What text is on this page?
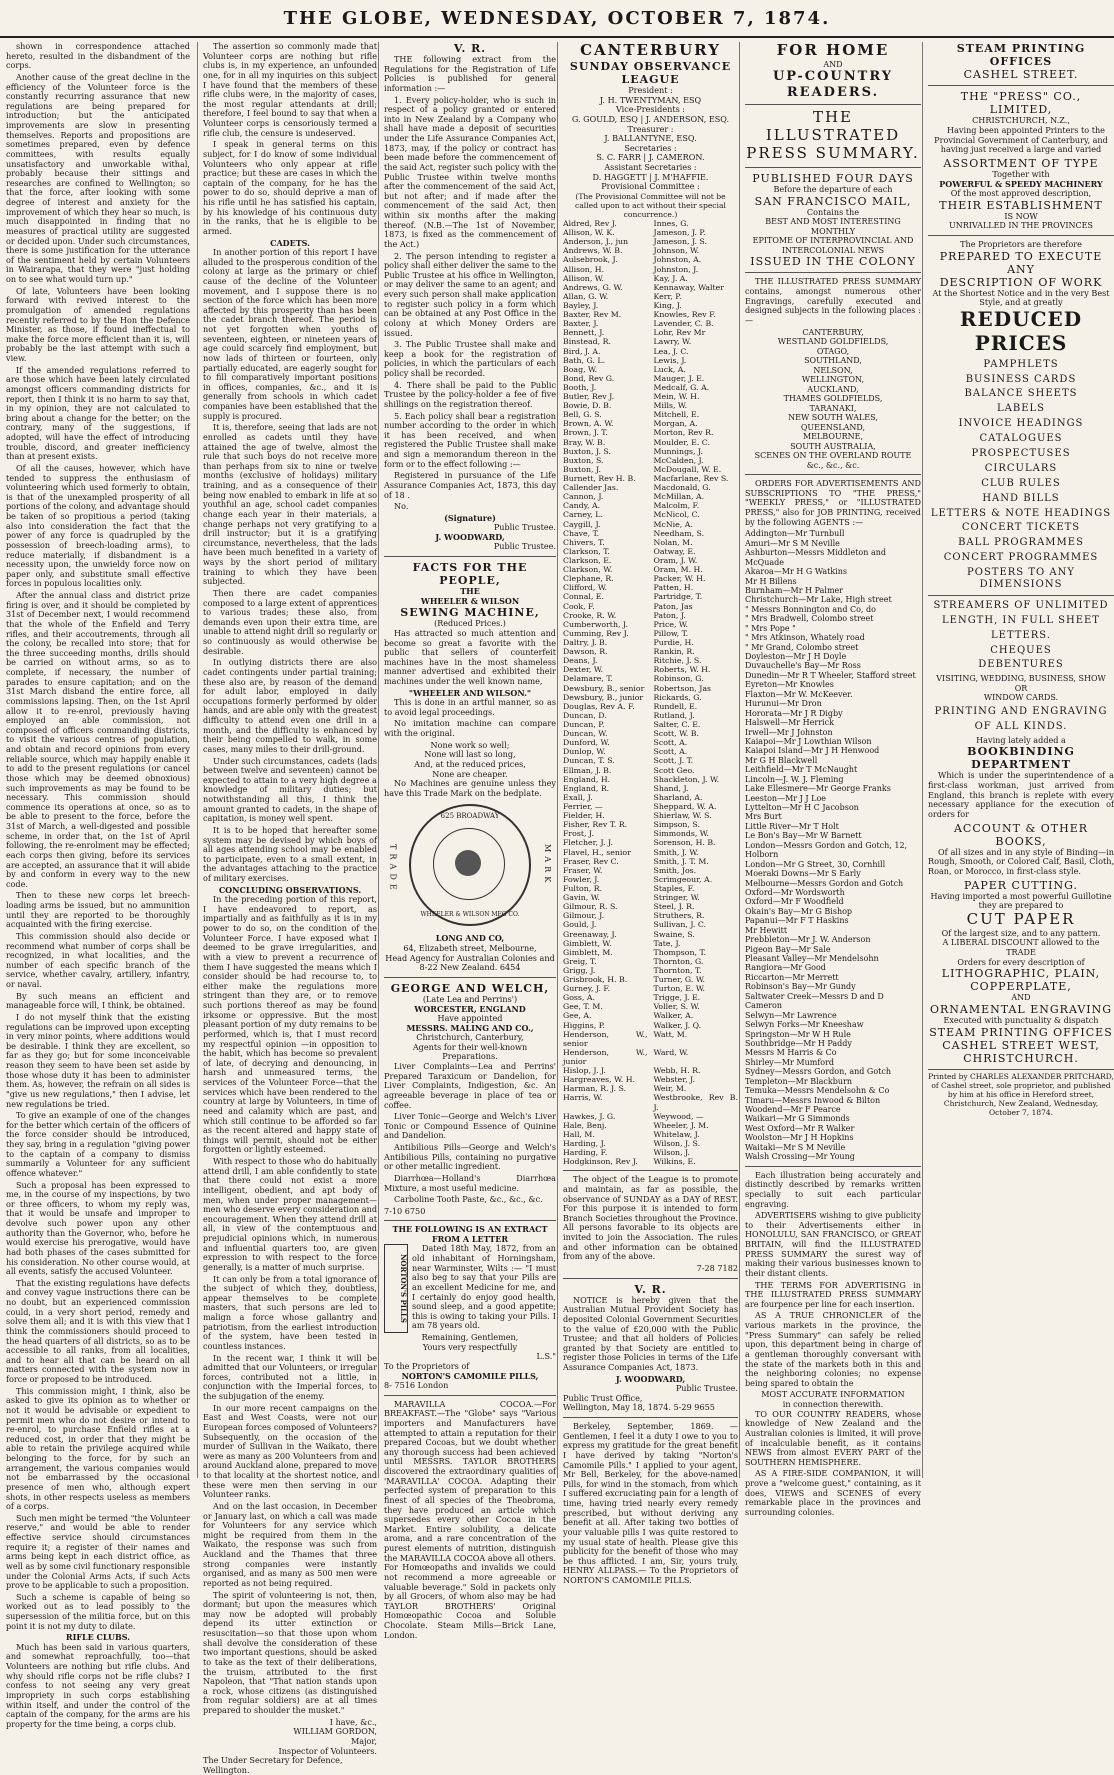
THE GLOBE, WEDNESDAY, OCTOBER 7, 1874.

shown in correspondence attached hereto, resulted in the disbandment of the corps.

Another cause of the great decline in the efficiency of the Volunteer force is the constantly recurring assurance that new regulations are being prepared for introduction; but the anticipated improvements are slow in presenting themselves. Reports and propositions are sometimes prepared, even by defence committees, with results equally unsatisfactory and unworkable withal, probably because their sittings and researches are confined to Wellington; so that the force, after looking with some degree of interest and anxiety for the improvement of which they hear so much, is much disappointed in finding that no measures of practical utility are suggested or decided upon. Under such circumstances, there is some justification for the utterance of the sentiment held by certain Volunteers in Wairarapa, that they were "just holding on to see what would turn up."

Of late, Volunteers have been looking forward with revived interest to the promulgation of amended regulations recently referred to by the Hon the Defence Minister, as those, if found ineffectual to make the force more efficient than it is, will probably be the last attempt with such a view.

If the amended regulations referred to are those which have been lately circulated amongst officers commanding districts for report, then I think it is no harm to say that, in my opinion, they are not calculated to bring about a change for the better; on the contrary, many of the suggestions, if adopted, will have the effect of introducing trouble, discord, and greater inefficiency than at present exists.

Of all the causes, however, which have tended to suppress the enthusiasm of volunteering which used formerly to obtain, is that of the unexampled prosperity of all portions of the colony, and advantage should be taken of so propitious a period (taking also into consideration the fact that the power of any force is quadrupled by the possession of breech-loading arms), to reduce materially, if disbandment is a necessity upon, the unwieldy force now on paper only, and substitute small effective forces in populous localities only.

After the annual class and district prize firing is over, and it should be completed by 31st of December next, I would recommend that the whole of the Enfield and Terry rifles, and their accoutrements, through all the colony, be recalled into store; that for the three succeeding months, drills should be carried on without arms, so as to complete, if necessary, the number of parades to ensure capitation; and on the 31st March disband the entire force, all commissions lapsing. Then, on the 1st April allow it to re-enrol, previously having employed an able commission, not composed of officers commanding districts, to visit the various centres of population, and obtain and record opinions from every reliable source, which may happily enable it to add to the present regulations (or cancel those which may be deemed obnoxious) such improvements as may be found to be necessary. This commission should commence its operations at once, so as to be able to present to the force, before the 31st of March, a well-digested and possible scheme, in order that, on the 1st of April following, the re-enrolment may be effected; each corps then giving, before its services are accepted, an assurance that it will abide by and conform in every way to the new code.

Then to these new corps let breech-loading arms be issued, but no ammunition until they are reported to be thoroughly acquainted with the firing exercise.

This commission should also decide or recommend what number of corps shall be recognized, in what localities, and the number of each specific branch of the service, whether cavalry, artillery, infantry, or naval.

By such means an efficient and manageable force will, I think, be obtained.

I do not myself think that the existing regulations can be improved upon excepting in very minor points, where additions would be desirable. I think they are excellent, so far as they go; but for some inconceivable reason they seem to have been set aside by those whose duty it has been to administer them. As, however, the refrain on all sides is "give us new regulations," then I advise, let new regulations be tried.

To give an example of one of the changes for the better which certain of the officers of the force consider should be introduced, they say, bring in a regulation "giving power to the captain of a company to dismiss summarily a Volunteer for any sufficient offence whatever."

Such a proposal has been expressed to me, in the course of my inspections, by two or three officers, to whom my reply was, that it would be unsafe and improper to devolve such power upon any other authority than the Governor, who, before he would exercise his prerogative, would have had both phases of the cases submitted for his consideration. No other course would, at all events, satisfy the accused Volunteer.

That the existing regulations have defects and convey vague instructions there can be no doubt, but an experienced commission could, in a very short period, remedy and solve them all; and it is with this view that I think the commissioners should proceed to the head quarters of all districts, so as to be accessible to all ranks, from all localities, and to hear all that can be heard on all matters connected with the system now in force or proposed to be introduced.

This commission might, I think, also be asked to give its opinion as to whether or not it would be advisable or expedient to permit men who do not desire or intend to re-enrol, to purchase Enfield rifles at a reduced cost, in order that they might be able to retain the privilege acquired while belonging to the force, for by such an arrangement, the various companies would not be embarrassed by the occasional presence of men who, although expert shots, in other respects useless as members of a corps.

Such men might be termed "the Volunteer reserve," and would be able to render effective service should circumstances require it; a register of their names and arms being kept in each district office, as well as by some civil functionary responsible under the Colonial Arms Acts, if such Acts prove to be applicable to such a proposition.

Such a scheme is capable of being so worked out as to lead possibly to the supersession of the militia force, but on this point it is not my duty to dilate.

RIFLE CLUBS.

Much has been said in various quarters, and somewhat reproachfully, too—that Volunteers are nothing but rifle clubs. And why should rifle corps not be rifle clubs? I confess to not seeing any very great impropriety in such corps establishing within itself, and under the control of the captain of the company, for the arms are his property for the time being, a corps club.

The assertion so commonly made that Volunteer corps are nothing but rifle clubs is, in my experience, an unfounded one, for in all my inquiries on this subject I have found that the members of these rifle clubs were, in the majority of cases, the most regular attendants at drill; therefore, I feel bound to say that when a Volunteer corps is censoriously termed a rifle club, the censure is undeserved.

I speak in general terms on this subject, for I do know of some individual Volunteers who only appear at rifle practice; but these are cases in which the captain of the company, for he has the power to do so, should deprive a man of his rifle until he has satisfied his captain, by his knowledge of his continuous duty in the ranks, that he is eligible to be armed.

CADETS.

In another portion of this report I have alluded to the prosperous condition of the colony at large as the primary or chief cause of the decline of the Volunteer movement, and I suppose there is no section of the force which has been more affected by this prosperity than has been the cadet branch thereof. The period is not yet forgotten when youths of seventeen, eighteen, or nineteen years of age could scarcely find employment, but now lads of thirteen or fourteen, only partially educated, are eagerly sought for to fill comparatively important positions in offices, companies, &c., and it is generally from schools in which cadet companies have been established that the supply is procured.

It is, therefore, seeing that lads are not enrolled as cadets until they have attained the age of twelve, almost the rule that such boys do not receive more than perhaps from six to nine or twelve months (exclusive of holidays) military training, and as a consequence of their being now enabled to embark in life at so youthful an age, school cadet companies change each year in their materials, a change perhaps not very gratifying to a drill instructor; but it is a gratifying circumstance, nevertheless, that the lads have been much benefited in a variety of ways by the short period of military training to which they have been subjected.

Then there are cadet companies composed to a large extent of apprentices to various trades; these also, from demands even upon their extra time, are unable to attend night drill so regularly or so continuously as would otherwise be desirable.

In outlying districts there are also cadet contingents under partial training; these also are, by reason of the demand for adult labor, employed in daily occupations formerly performed by older hands, and are able only with the greatest difficulty to attend even one drill in a month, and the difficulty is enhanced by their being compelled to walk, in some cases, many miles to their drill-ground.

Under such circumstances, cadets (lads between twelve and seventeen) cannot be expected to attain to a very high degree a knowledge of military duties; but notwithstanding all this, I think the amount granted to cadets, in the shape of capitation, is money well spent.

It is to be hoped that hereafter some system may be devised by which boys of all ages attending school may be enabled to participate, even to a small extent, in the advantages attaching to the practice of military exercises.

CONCLUDING OBSERVATIONS.

In the preceding portion of this report, I have endeavored to report, as impartially and as faithfully as it is in my power to do so, on the condition of the Volunteer Force. I have exposed what I deemed to be grave irregularities, and with a view to prevent a recurrence of them I have suggested the means which I consider should be had recourse to, to either make the regulations more stringent than they are, or to remove such portions thereof as may be found irksome or oppressive. But the most pleasant portion of my duty remains to be performed, which is, that I must record my respectful opinion —in opposition to the habit, which has become so prevalent of late, of decrying and denouncing, in harsh and unmeasured terms, the services of the Volunteer Force—that the services which have been rendered to the country at large by Volunteers, in time of need and calamity which are past, and which still continue to be afforded so far as the recent altered and happy state of things will permit, should not be either forgotten or lightly esteemed.

With respect to those who do habitually attend drill, I am able confidently to state that there could not exist a more intelligent, obedient, and apt body of men, when under proper management—men who deserve every consideration and encouragement. When they attend drill at all, in view of the contemptuous and prejudicial opinions which, in numerous and influential quarters too, are given expression to with respect to the force generally, is a matter of much surprise.

It can only be from a total ignorance of the subject of which they, doubtless, appear themselves to be complete masters, that such persons are led to malign a force whose gallantry and patriotism, from the earliest introduction of the system, have been tested in countless instances.

In the recent war, I think it will be admitted that our Volunteers, or irregular forces, contributed not a little, in conjunction with the Imperial forces, to the subjugation of the enemy.

In our more recent campaigns on the East and West Coasts, were not our European forces composed of Volunteers? Subsequently, on the occasion of the murder of Sullivan in the Waikato, there were as many as 200 Volunteers from and around Auckland alone, prepared to move to that locality at the shortest notice, and these were men then serving in our Volunteer ranks.

And on the last occasion, in December or January last, on which a call was made for Volunteers for any service which might be required from them in the Waikato, the response was such from Auckland and the Thames that three strong companies were instantly organised, and as many as 500 men were reported as not being required.

The spirit of volunteering is not, then, dormant; but upon the measures which may now be adopted will probably depend its utter extinction or resuscitation—so that those upon whom shall devolve the consideration of these two important questions, should be asked to take as the text of their deliberations, the truism, attributed to the first Napoleon, that "That nation stands upon a rock, whose citizens (as distinguished from regular soldiers) are at all times prepared to shoulder the musket."

I have, &c.,
WILLIAM GORDON,
Major,
Inspector of Volunteers.
The Under Secretary for Defence,
Wellington.
V. R.

THE following extract from the Regulations for the Registration of Life Policies is published for general information :—

1. Every policy-holder, who is such in respect of a policy granted or entered into in New Zealand by a Company who shall have made a deposit of securities under the Life Assurance Companies Act, 1873, may, if the policy or contract has been made before the commencement of the said Act, register such policy with the Public Trustee within twelve months after the commencement of the said Act, but not after; and if made after the commencement of the said Act, then within six months after the making thereof. (N.B.—The 1st of November, 1873, is fixed as the commencement of the Act.)

2. The person intending to register a policy shall either deliver the same to the Public Trustee at his office in Wellington, or may deliver the same to an agent; and every such person shall make application to register such policy in a form which can be obtained at any Post Office in the colony at which Money Orders are issued.

3. The Public Trustee shall make and keep a book for the registration of policies, in which the particulars of each policy shall be recorded.

4. There shall be paid to the Public Trustee by the policy-holder a fee of five shillings on the registration thereof.

5. Each policy shall bear a registration number according to the order in which it has been received, and when registered the Public Trustee shall make and sign a memorandum thereon in the form or to the effect following :—

Registered in pursuance of the Life Assurance Companies Act, 1873, this day of 18 .

No.

(Signature)
Public Trustee.
J. WOODWARD,
Public Trustee.
FACTS FOR THE PEOPLE,
THE
WHEELER & WILSON
SEWING MACHINE,
(Reduced Prices.)

Has attracted so much attention and become so great a favorite with the public that sellers of counterfeit machines have in the most shameless manner advertised and exhibited their machines under the well known name,

"WHEELER AND WILSON."

This is done in an artful manner, so as to avoid legal proceedings.

No imitation machine can compare with the original.

None work so well;
None will last so long,
And, at the reduced prices,
None are cheaper.

No Machines are genuine unless they have this Trade Mark on the bedplate.

TRADE	MARK
625 BROADWAY
WHEELER & WILSON MFG CO.
LONG AND CO,
64, Elizabeth street, Melbourne,
Head Agency for Australian Colonies and
8-22 New Zealand. 6454
GEORGE AND WELCH,
(Late Lea and Perrins')
WORCESTER, ENGLAND
Have appointed
MESSRS. MALING AND CO.,
Christchurch, Canterbury,
Agents for their well-known Preparations.

Liver Complaints—Lea and Perrins' Prepared Taraxicum or Dandelion, for Liver Complaints, Indigestion, &c. An agreeable beverage in place of tea or coffee.

Liver Tonic—George and Welch's Liver Tonic or Compound Essence of Quinine and Dandelion.

Antibilious Pills—George and Welch's Antibilious Pills, containing no purgative or other metallic ingredient.

Diarrhœa—Holland's Diarrhœa Mixture, a most useful medicine.

Carboline Tooth Paste, &c., &c., &c.

7-10 6750
THE FOLLOWING IS AN EXTRACT FROM A LETTER
NORTON'S PILLS

Dated 18th May, 1872, from an old inhabitant of Horningsham, near Warminster, Wilts :— "I must also beg to say that your Pills are an excellent Medicine for me, and I certainly do enjoy good health, sound sleep, and a good appetite; this is owing to taking your Pills. I am 78 years old.

Remaining, Gentlemen,
Yours very respectfully
L.S."
To the Proprietors of
NORTON'S CAMOMILE PILLS,
8- 7516 London

MARAVILLA COCOA.—For BREAKFAST.—The "Globe" says "Various importers and Manufacturers have attempted to attain a reputation for their prepared Cocoas, but we doubt whether any thorough success had been achieved until MESSRS. TAYLOR BROTHERS discovered the extraordinary qualities of 'MARAVILLA' COCOA. Adapting their perfected system of preparation to this finest of all species of the Theobroma, they have produced an article which supersedes every other Cocoa in the Market. Entire solubility, a delicate aroma, and a rare concentration of the purest elements of nutrition, distinguish the MARAVILLA COCOA above all others. For Homœopaths and invalids we could not recommend a more agreeable or valuable beverage." Sold in packets only by all Grocers, of whom also may be had TAYLOR BROTHERS' Original Homœopathic Cocoa and Soluble Chocolate. Steam Mills—Brick Lane, London.

CANTERBURY
SUNDAY OBSERVANCE LEAGUE
President :
J. H. TWENTYMAN, ESQ
Vice-Presidents :
G. GOULD, ESQ | J. ANDERSON, ESQ.
Treasurer :
J. BALLANTYNE, ESQ.
Secretaries :
S. C. FARR | J. CAMERON.
Assistant Secretaries :
D. HAGGETT | J. M'HAFFIE.
Provisional Committee :
(The Provisional Committee will not be called upon to act without their special concurrence.)
Aldred, Rev J.	Innes, G.
Allison, W. K.	Jameson, J. P.
Anderson, J., jun	Jameson, J. S.
Andrews, W. B.	Johnson, W.
Aulsebrook, J.	Johnston, A.
Allison, H.	Johnston, J.
Allison, W.	Kay, J. A.
Andrews, G. W.	Kennaway, Walter
Allan, G. W.	Kerr, P.
Bayley, J.	King, J.
Baxter, Rev M.	Knowles, Rev F.
Baxter, J.	Lavender, C. B.
Bennett, J.	Lohr, Rev Mr
Binstead, R.	Lawry, W.
Bird, J. A.	Lea, J. C.
Bath, G. L.	Lewis, J.
Boag, W.	Luck, A.
Bond, Rev G.	Mauger, J. E.
Booth, J.	Medcalf, G. A.
Butler, Rev J.	Mein, W. H.
Bowie, D. B.	Mills, W.
Bell, G. S.	Mitchell, E.
Brown, A. W.	Morgan, A.
Brown, J. T.	Morton, Rev R.
Bray, W. B.	Moulder, E. C.
Buxton, J. S.	Munnings, J.
Buxton, S.	McCalden, J.
Buxton, J.	McDougall, W. E.
Burnett, Rev H. B.	Macfarlane, Rev S.
Callender Jas.	Macdonald, G.
Cannon, J.	McMillan, A.
Candy, A.	Malcolm, F.
Carney, L.	McNicol, C.
Caygill, J.	McNie, A.
Chave, T.	Needham, S.
Chivers, T.	Nolan, M.
Clarkson, T.	Oatway, E.
Clarkson, E.	Oram, J. W.
Clarkson, W.	Oram, M. H.
Clephane, R.	Packer, W. H.
Clifford, W.	Patten, H.
Connal, E.	Partridge, T.
Cook, F.	Paton, Jas
Crooke, R. W.	Paton, J.
Cumberworth, J.	Price, W.
Cumming, Rev J.	Pillow, T.
Daltry, J. B.	Purdie, H.
Dawson, R.	Rankin, R.
Deans, J.	Ritchie, J. S.
Dexter, W.	Roberts, W. H.
Delamare, T.	Robinson, G.
Dewsbury, B., senior	Robertson, Jas
Dewsbury, B., junior	Rickards, G.
Douglas, Rev A. F.	Rundell, E.
Duncan, D.	Rutland, J.
Duncan, P.	Salter, C. E.
Duncan, W.	Scott, W. B.
Dunford, W.	Scott, A.
Dunlop, W.	Scott, A.
Duncan, T. S.	Scott, J. T.
Ellman, J. B.	Scott Geo.
England, H.	Shackleton, J. W.
England, R.	Shand, J.
Exall, J.	Sharland, A.
Ferrier, —	Sheppard, W. A.
Fielder, H.	Shierlaw, W. S.
Fisher, Rev T. R.	Simpson, S.
Frost, J.	Simmonds, W.
Fletcher, J. J.	Sorenson, H. B.
Flavel, H., senior	Smith, J. W.
Fraser, Rev C.	Smith, J. T. M.
Fraser, W.	Smith, Jos.
Fowler, J.	Scrimgeour, A.
Fulton, R.	Staples, F.
Gavin, W.	Stringer, W.
Gilmour, R. S.	Steel, J. R.
Gilmour, J.	Struthers, R.
Gould, J.	Sullivan, J. C.
Greenaway, J.	Swaine, S.
Gimblett, W.	Tate, J.
Gimblett, M.	Thompson, T.
Greig, T.	Thornton, G.
Grigg, J.	Thornton, T.
Grisbrook, H. B.	Turner, G. W.
Gurney, J. F.	Turton, E. W.
Goss, A.	Trigge, J. E.
Gee, T. M.	Voller, S. W.
Gee, A.	Walker, A.
Higgins, P.	Walker, J. Q.
Henderson, W., senior
Watt, M.
Henderson, W., junior
Ward, W.
Hislop, J. J.	Webb, H. R.
Hargreaves, W. H.	Webster, J.
Harman, R. J. S.	Weir, M.
Harris, W.	Westbrooke, Rev B. J.
Hawkes, J. G.	Weywood, —
Hale, Benj.	Wheeler, J. M.
Hall, M.	Whitelaw, J.
Harding, J.	Wilson, J. S.
Harding, F.	Wilson, J.
Hodgkinson, Rev J.	Wilkins, E.

The object of the League is to promote and maintain, as far as possible, the observance of SUNDAY as a DAY of REST. For this purpose it is intended to form Branch Societies throughout the Province. All persons favorable to its objects are invited to join the Association. The rules and other information can be obtained from any of the above.

7-28 7182
V. R.

NOTICE is hereby given that the Australian Mutual Provident Society has deposited Colonial Government Securities to the value of £20,000 with the Public Trustee; and that all holders of Policies granted by that Society are entitled to register those Policies in terms of the Life Assurance Companies Act, 1873.

J. WOODWARD,
Public Trustee.
Public Trust Office,
Wellington, May 18, 1874. 5-29 9655

Berkeley, September, 1869. — Gentlemen, I feel it a duty I owe to you to express my gratitude for the great benefit I have derived by taking "Norton's Camomile Pills." I applied to your agent, Mr Bell, Berkeley, for the above-named Pills, for wind in the stomach, from which I suffered excruciating pain for a length of time, having tried nearly every remedy prescribed, but without deriving any benefit at all. After taking two bottles of your valuable pills I was quite restored to my usual state of health. Please give this publicity for the benefit of those who may be thus afflicted. I am, Sir, yours truly, HENRY ALLPASS.— To the Proprietors of NORTON'S CAMOMILE PILLS.

FOR HOME
AND
UP-COUNTRY READERS.
THE ILLUSTRATED
PRESS SUMMARY.
PUBLISHED FOUR DAYS
Before the departure of each
SAN FRANCISCO MAIL,
Contains the
BEST AND MOST INTERESTING
MONTHLY
EPITOME OF INTERPROVINCIAL AND
INTERCOLONIAL NEWS
ISSUED IN THE COLONY

THE ILLUSTRATED PRESS SUMMARY contains, amongst numerous other Engravings, carefully executed and designed subjects in the following places :—

CANTERBURY,
WESTLAND GOLDFIELDS,
OTAGO,
SOUTHLAND,
NELSON,
WELLINGTON,
AUCKLAND,
THAMES GOLDFIELDS,
TARANAKI,
NEW SOUTH WALES,
QUEENSLAND,
MELBOURNE,
SOUTH AUSTRALIA,
SCENES ON THE OVERLAND ROUTE
&c., &c., &c.

ORDERS FOR ADVERTISEMENTS AND SUBSCRIPTIONS TO "THE PRESS," "WEEKLY PRESS," or "ILLUSTRATED PRESS," also for JOB PRINTING, received by the following AGENTS :—

Addington—Mr Turnbull
Amuri—Mr S M Neville
Ashburton—Messrs Middleton and McQuade
Akaroa—Mr H G Watkins
Mr H Billens
Burnham—Mr H Palmer
Christchurch—Mr Lake, High street
" Messrs Bonnington and Co, do
" Mrs Bradwell, Colombo street
" Mrs Pope "
" Mrs Atkinson, Whately road
" Mr Grand, Colombo street
Doyleston—Mr J H Doyle
Duvauchelle's Bay—Mr Ross
Dunedin—Mr R T Wheeler, Stafford street
Eyreton—Mr Knowles
Flaxton—Mr W. McKeever.
Hurunui—Mr Dron
Hororata—Mr J R Digby
Halswell—Mr Herrick
Irwell—Mr J Johnston
Kaiapoi—Mr J Lowthian Wilson
Kaiapoi Island—Mr J H Henwood
Mr G H Blackwell
Leithfield—Mr T McNaught
Lincoln—J. W. J. Fleming
Lake Ellesmere—Mr George Franks
Leeston—Mr J J Loe
Lyttelton—Mr H C Jacobson
Mrs Burt
Little River—Mr T Holt
Le Bon's Bay—Mr W Barnett
London—Messrs Gordon and Gotch, 12, Holborn
London—Mr G Street, 30, Cornhill
Moeraki Downs—Mr S Early
Melbourne—Messrs Gordon and Gotch
Oxford—Mr Wordsworth
Oxford—Mr F Woodfield
Okain's Bay—Mr G Bishop
Papanui—Mr F T Haskins
Mr Hewitt
Prebbleton—Mr J. W. Anderson
Pigeon Bay—Mr Sale
Pleasant Valley—Mr Mendelsohn
Rangiora—Mr Good
Riccarton—Mr Merrett
Robinson's Bay—Mr Gundy
Saltwater Creek—Messrs D and D Cameron
Selwyn—Mr Lawrence
Selwyn Forks—Mr Kneeshaw
Springston—Mr W H Rule
Southbridge—Mr H Paddy
Messrs M Harris & Co
Shirley—Mr Mumford
Sydney—Messrs Gordon, and Gotch
Templeton—Mr Blackburn
Temuka—Messrs Mendelsohn & Co
Timaru—Messrs Inwood & Bilton
Woodend—Mr F Pearce
Waikari—Mr G Simmonds
West Oxford—Mr R Walker
Woolston—Mr J H Hopkins
Waitaki—Mr S M Neville
Walsh Crossing—Mr Young

Each illustration being accurately and distinctly described by remarks written specially to suit each particular engraving.

ADVERTISERS wishing to give publicity to their Advertisements either in HONOLULU, SAN FRANCISCO, or GREAT BRITAIN, will find the ILLUSTRATED PRESS SUMMARY the surest way of making their various businesses known to their distant clients.

THE TERMS FOR ADVERTISING in THE ILLUSTRATED PRESS SUMMARY are fourpence per line for each insertion.

AS A TRUE CHRONICLER of the various markets in the province, the "Press Summary" can safely be relied upon, this department being in charge of a gentleman thoroughly conversant with the state of the markets both in this and the neighboring colonies; no expense being spared to obtain the

MOST ACCURATE INFORMATION
in connection therewith.

TO OUR COUNTRY READERS, whose knowledge of New Zealand and the Australian colonies is limited, it will prove of incalculable benefit, as it contains NEWS from almost EVERY PART of the SOUTHERN HEMISPHERE.

AS A FIRE-SIDE COMPANION, it will prove a "welcome guest," containing, as it does, VIEWS and SCENES of every remarkable place in the provinces and surrounding colonies.

STEAM PRINTING OFFICES
CASHEL STREET.
THE "PRESS" CO., LIMITED,
CHRISTCHURCH, N.Z.,

Having been appointed Printers to the Provincial Government of Canterbury, and having just received a large and varied

ASSORTMENT OF TYPE
Together with
POWERFUL & SPEEDY MACHINERY
Of the most approved description,
THEIR ESTABLISHMENT
IS NOW
UNRIVALLED IN THE PROVINCES
The Proprietors are therefore
PREPARED TO EXECUTE ANY
DESCRIPTION OF WORK
At the Shortest Notice and in the very Best Style, and at greatly
REDUCED PRICES
PAMPHLETS
BUSINESS CARDS
BALANCE SHEETS
LABELS
INVOICE HEADINGS
CATALOGUES
PROSPECTUSES
CIRCULARS
CLUB RULES
HAND BILLS
LETTERS & NOTE HEADINGS
CONCERT TICKETS
BALL PROGRAMMES
CONCERT PROGRAMMES
POSTERS TO ANY DIMENSIONS
STREAMERS OF UNLIMITED
LENGTH, IN FULL SHEET
LETTERS.
CHEQUES
DEBENTURES
VISITING, WEDDING, BUSINESS, SHOW
OR
WINDOW CARDS.
PRINTING AND ENGRAVING
OF ALL KINDS.
Having lately added a
BOOKBINDING DEPARTMENT

Which is under the superintendence of a first-class workman, just arrived from England, this branch is replete with every necessary appliance for the execution of orders for

ACCOUNT & OTHER BOOKS,

Of all sizes and in any style of Binding—in Rough, Smooth, or Colored Calf, Basil, Cloth, Roan, or Morocco, in first-class style.

PAPER CUTTING.
Having imported a most powerful Guillotine they are prepared to
CUT PAPER
Of the largest size, and to any pattern.
A LIBERAL DISCOUNT allowed to the TRADE
Orders for every description of
LITHOGRAPHIC, PLAIN,
COPPERPLATE,
AND
ORNAMENTAL ENGRAVING
Executed with punctuality & dispatch
STEAM PRINTING OFFICES
CASHEL STREET WEST,
CHRISTCHURCH.
Printed by CHARLES ALEXANDER PRITCHARD, of Cashel street, sole proprietor, and published by him at his office in Hereford street, Christchurch, New Zealand, Wednesday, October 7, 1874.
